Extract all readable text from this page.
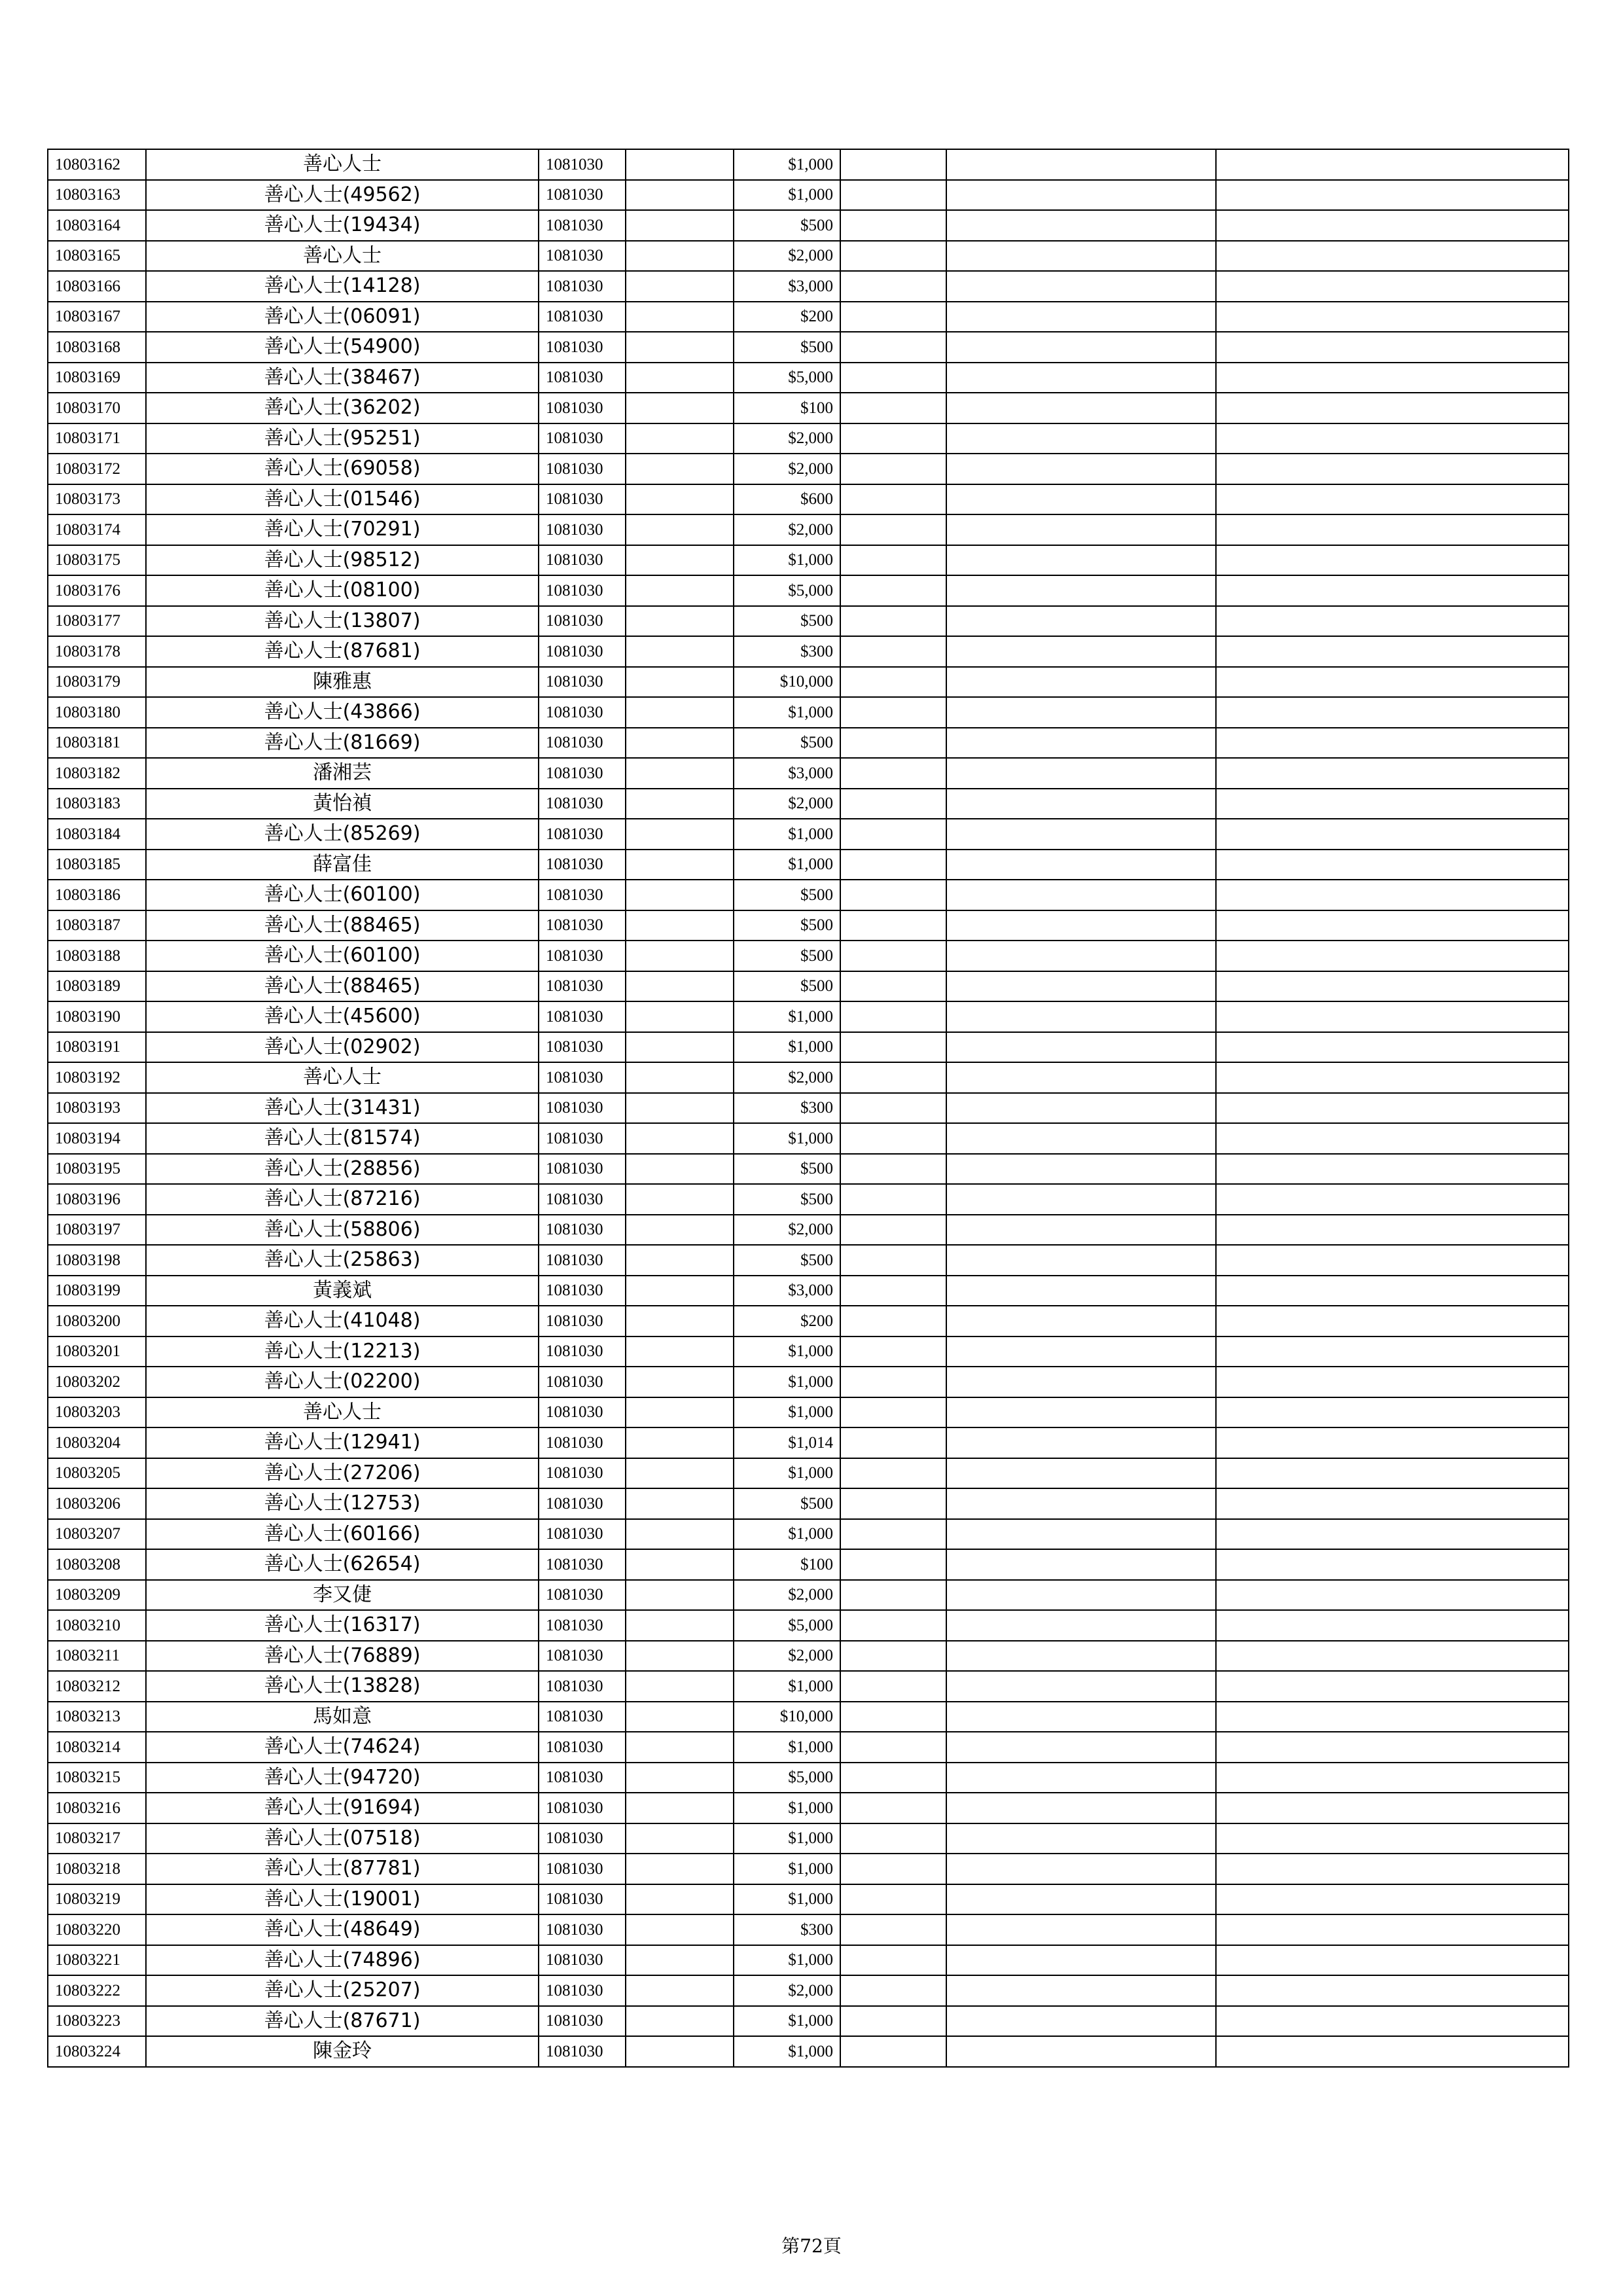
10803162	善心人士	1081030		$1,000			
10803163	善心人士(49562)	1081030		$1,000			
10803164	善心人士(19434)	1081030		$500			
10803165	善心人士	1081030		$2,000			
10803166	善心人士(14128)	1081030		$3,000			
10803167	善心人士(06091)	1081030		$200			
10803168	善心人士(54900)	1081030		$500			
10803169	善心人士(38467)	1081030		$5,000			
10803170	善心人士(36202)	1081030		$100			
10803171	善心人士(95251)	1081030		$2,000			
10803172	善心人士(69058)	1081030		$2,000			
10803173	善心人士(01546)	1081030		$600			
10803174	善心人士(70291)	1081030		$2,000			
10803175	善心人士(98512)	1081030		$1,000			
10803176	善心人士(08100)	1081030		$5,000			
10803177	善心人士(13807)	1081030		$500			
10803178	善心人士(87681)	1081030		$300			
10803179	陳雅惠	1081030		$10,000			
10803180	善心人士(43866)	1081030		$1,000			
10803181	善心人士(81669)	1081030		$500			
10803182	潘湘芸	1081030		$3,000			
10803183	黃怡禎	1081030		$2,000			
10803184	善心人士(85269)	1081030		$1,000			
10803185	薛富佳	1081030		$1,000			
10803186	善心人士(60100)	1081030		$500			
10803187	善心人士(88465)	1081030		$500			
10803188	善心人士(60100)	1081030		$500			
10803189	善心人士(88465)	1081030		$500			
10803190	善心人士(45600)	1081030		$1,000			
10803191	善心人士(02902)	1081030		$1,000			
10803192	善心人士	1081030		$2,000			
10803193	善心人士(31431)	1081030		$300			
10803194	善心人士(81574)	1081030		$1,000			
10803195	善心人士(28856)	1081030		$500			
10803196	善心人士(87216)	1081030		$500			
10803197	善心人士(58806)	1081030		$2,000			
10803198	善心人士(25863)	1081030		$500			
10803199	黃義斌	1081030		$3,000			
10803200	善心人士(41048)	1081030		$200			
10803201	善心人士(12213)	1081030		$1,000			
10803202	善心人士(02200)	1081030		$1,000			
10803203	善心人士	1081030		$1,000			
10803204	善心人士(12941)	1081030		$1,014			
10803205	善心人士(27206)	1081030		$1,000			
10803206	善心人士(12753)	1081030		$500			
10803207	善心人士(60166)	1081030		$1,000			
10803208	善心人士(62654)	1081030		$100			
10803209	李又倢	1081030		$2,000			
10803210	善心人士(16317)	1081030		$5,000			
10803211	善心人士(76889)	1081030		$2,000			
10803212	善心人士(13828)	1081030		$1,000			
10803213	馬如意	1081030		$10,000			
10803214	善心人士(74624)	1081030		$1,000			
10803215	善心人士(94720)	1081030		$5,000			
10803216	善心人士(91694)	1081030		$1,000			
10803217	善心人士(07518)	1081030		$1,000			
10803218	善心人士(87781)	1081030		$1,000			
10803219	善心人士(19001)	1081030		$1,000			
10803220	善心人士(48649)	1081030		$300			
10803221	善心人士(74896)	1081030		$1,000			
10803222	善心人士(25207)	1081030		$2,000			
10803223	善心人士(87671)	1081030		$1,000			
10803224	陳金玲	1081030		$1,000			
第72頁
